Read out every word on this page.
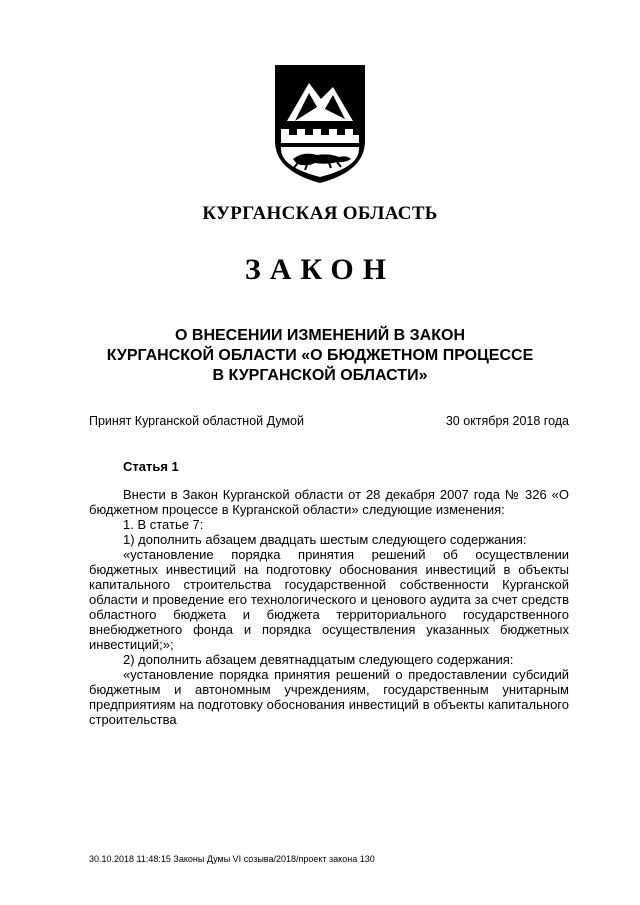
КУРГАНСКАЯ ОБЛАСТЬ
ЗАКОН
О ВНЕСЕНИИ ИЗМЕНЕНИЙ В ЗАКОН
КУРГАНСКОЙ ОБЛАСТИ «О БЮДЖЕТНОМ ПРОЦЕССЕ
В КУРГАНСКОЙ ОБЛАСТИ»
Принят Курганской областной Думой	30 октября 2018 года
Статья 1

Внести в Закон Курганской области от 28 декабря 2007 года № 326 «О бюджетном процессе в Курганской области» следующие изменения:

1. В статье 7:

1) дополнить абзацем двадцать шестым следующего содержания:

«установление порядка принятия решений об осуществлении бюджетных инвестиций на подготовку обоснования инвестиций в объекты капитального строительства государственной собственности Курганской области и проведение его технологического и ценового аудита за счет средств областного бюджета и бюджета территориального государственного внебюджетного фонда и порядка осуществления указанных бюджетных инвестиций;»;

2) дополнить абзацем девятнадцатым следующего содержания:

«установление порядка принятия решений о предоставлении субсидий бюджетным и автономным учреждениям, государственным унитарным предприятиям на подготовку обоснования инвестиций в объекты капитального строительства

30.10.2018 11:48:15 Законы Думы VI созыва/2018/проект закона 130
